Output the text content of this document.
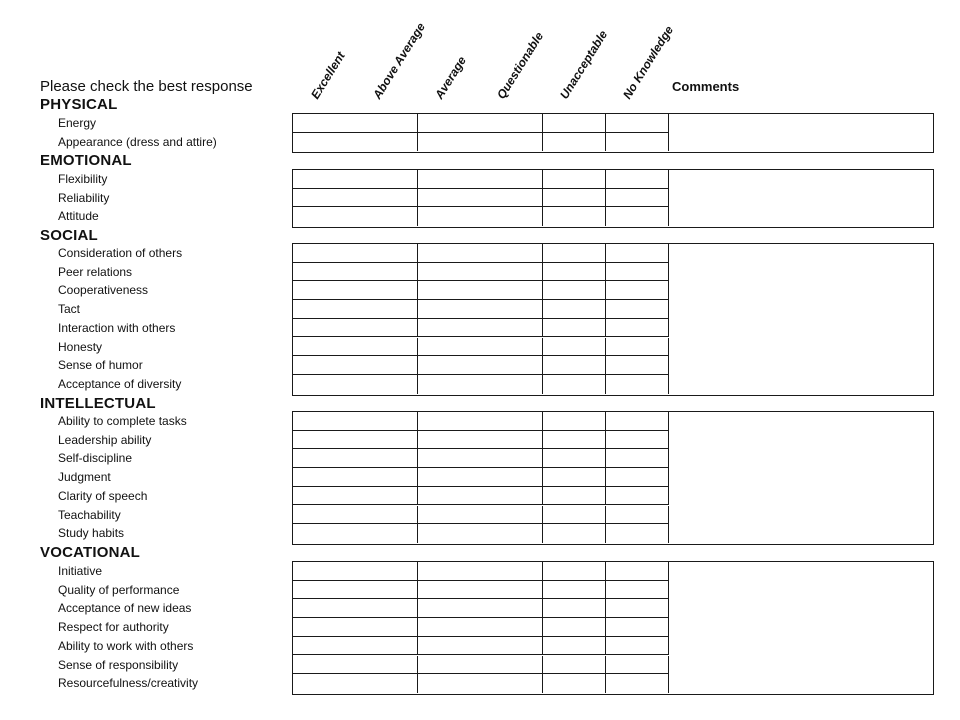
Please check the best response	Comments
Excellent Above Average Average Questionable Unacceptable No Knowledge
PHYSICAL
Energy
Appearance (dress and attire)
EMOTIONAL
Flexibility
Reliability
Attitude
SOCIAL
Consideration of others
Peer relations
Cooperativeness
Tact
Interaction with others
Honesty
Sense of humor
Acceptance of diversity
INTELLECTUAL
Ability to complete tasks
Leadership ability
Self-discipline
Judgment
Clarity of speech
Teachability
Study habits
VOCATIONAL
Initiative
Quality of performance
Acceptance of new ideas
Respect for authority
Ability to work with others
Sense of responsibility
Resourcefulness/creativity
